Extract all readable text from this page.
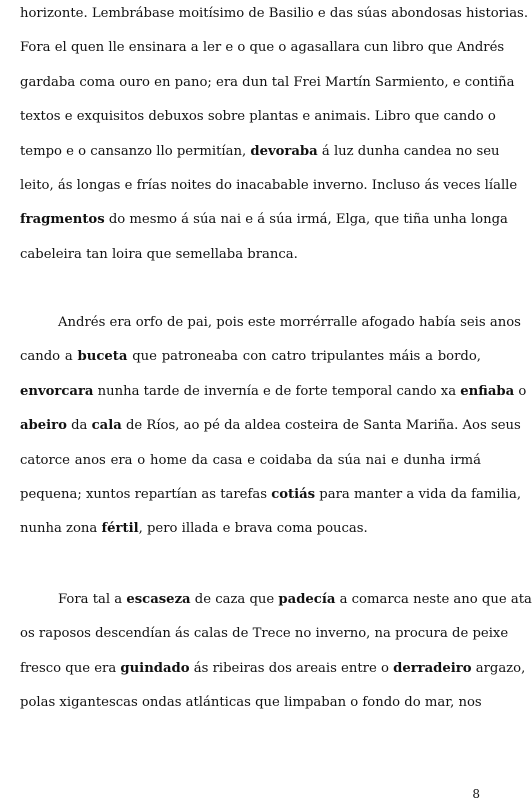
horizonte. Lembrábase moitísimo de Basilio e das súas abondosas historias.
Fora el quen lle ensinara a ler e o que o agasallara cun libro que Andrés
gardaba coma ouro en pano; era dun tal Frei Martín Sarmiento, e contiña
textos e exquisitos debuxos sobre plantas e animais. Libro que cando o
tempo e o cansanzo llo permitían, devoraba á luz dunha candea no seu
leito, ás longas e frías noites do inacabable inverno. Incluso ás veces líalle
fragmentos do mesmo á súa nai e á súa irmá, Elga, que tiña unha longa
cabeleira tan loira que semellaba branca.
Andrés era orfo de pai, pois este morrérralle afogado había seis anos
cando a buceta que patroneaba con catro tripulantes máis a bordo,
envorcara nunha tarde de invernía e de forte temporal cando xa enfiaba o
abeiro da cala de Ríos, ao pé da aldea costeira de Santa Mariña. Aos seus
catorce anos era o home da casa e coidaba da súa nai e dunha irmá
pequena; xuntos repartían as tarefas cotiás para manter a vida da familia,
nunha zona fértil, pero illada e brava coma poucas.
Fora tal a escaseza de caza que padecía a comarca neste ano que ata
os raposos descendían ás calas de Trece no inverno, na procura de peixe
fresco que era guindado ás ribeiras dos areais entre o derradeiro argazo,
polas xigantescas ondas atlánticas que limpaban o fondo do mar, nos
8
